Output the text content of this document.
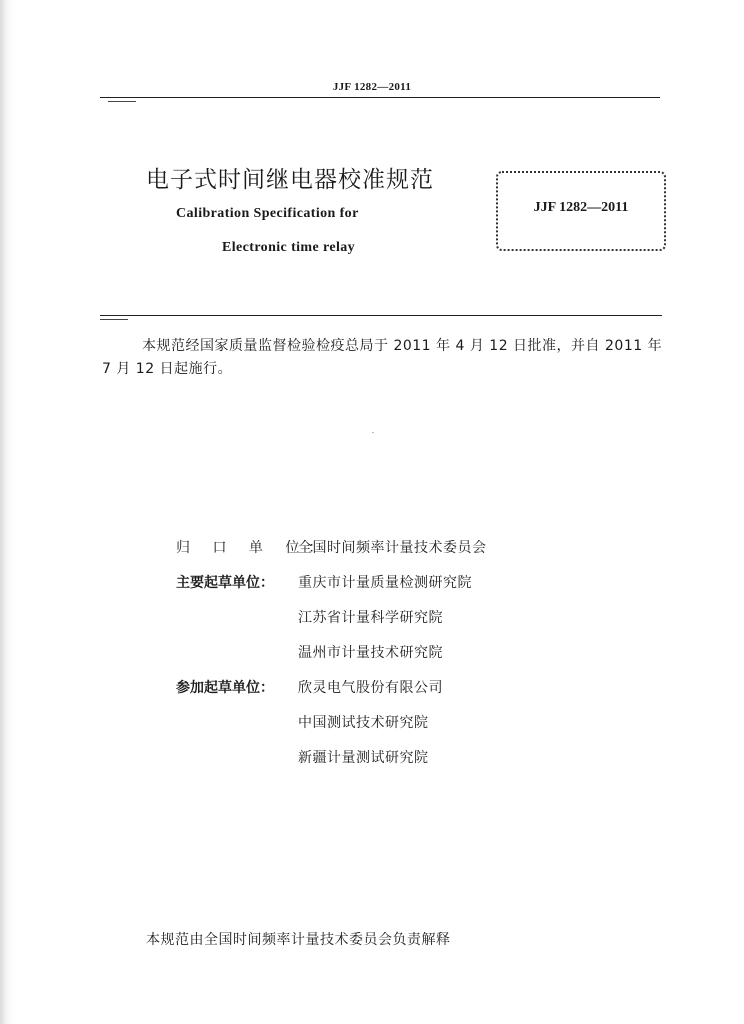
JJF 1282—2011
电子式时间继电器校准规范
Calibration Specification for
Electronic time relay
JJF 1282—2011
本规范经国家质量监督检验检疫总局于 2011 年 4 月 12 日批准，并自 2011 年 7 月 12 日起施行。
归 口 单 位：
全国时间频率计量技术委员会
主要起草单位：	重庆市计量质量检测研究院
江苏省计量科学研究院
温州市计量技术研究院
参加起草单位：	欣灵电气股份有限公司
中国测试技术研究院
新疆计量测试研究院
本规范由全国时间频率计量技术委员会负责解释
